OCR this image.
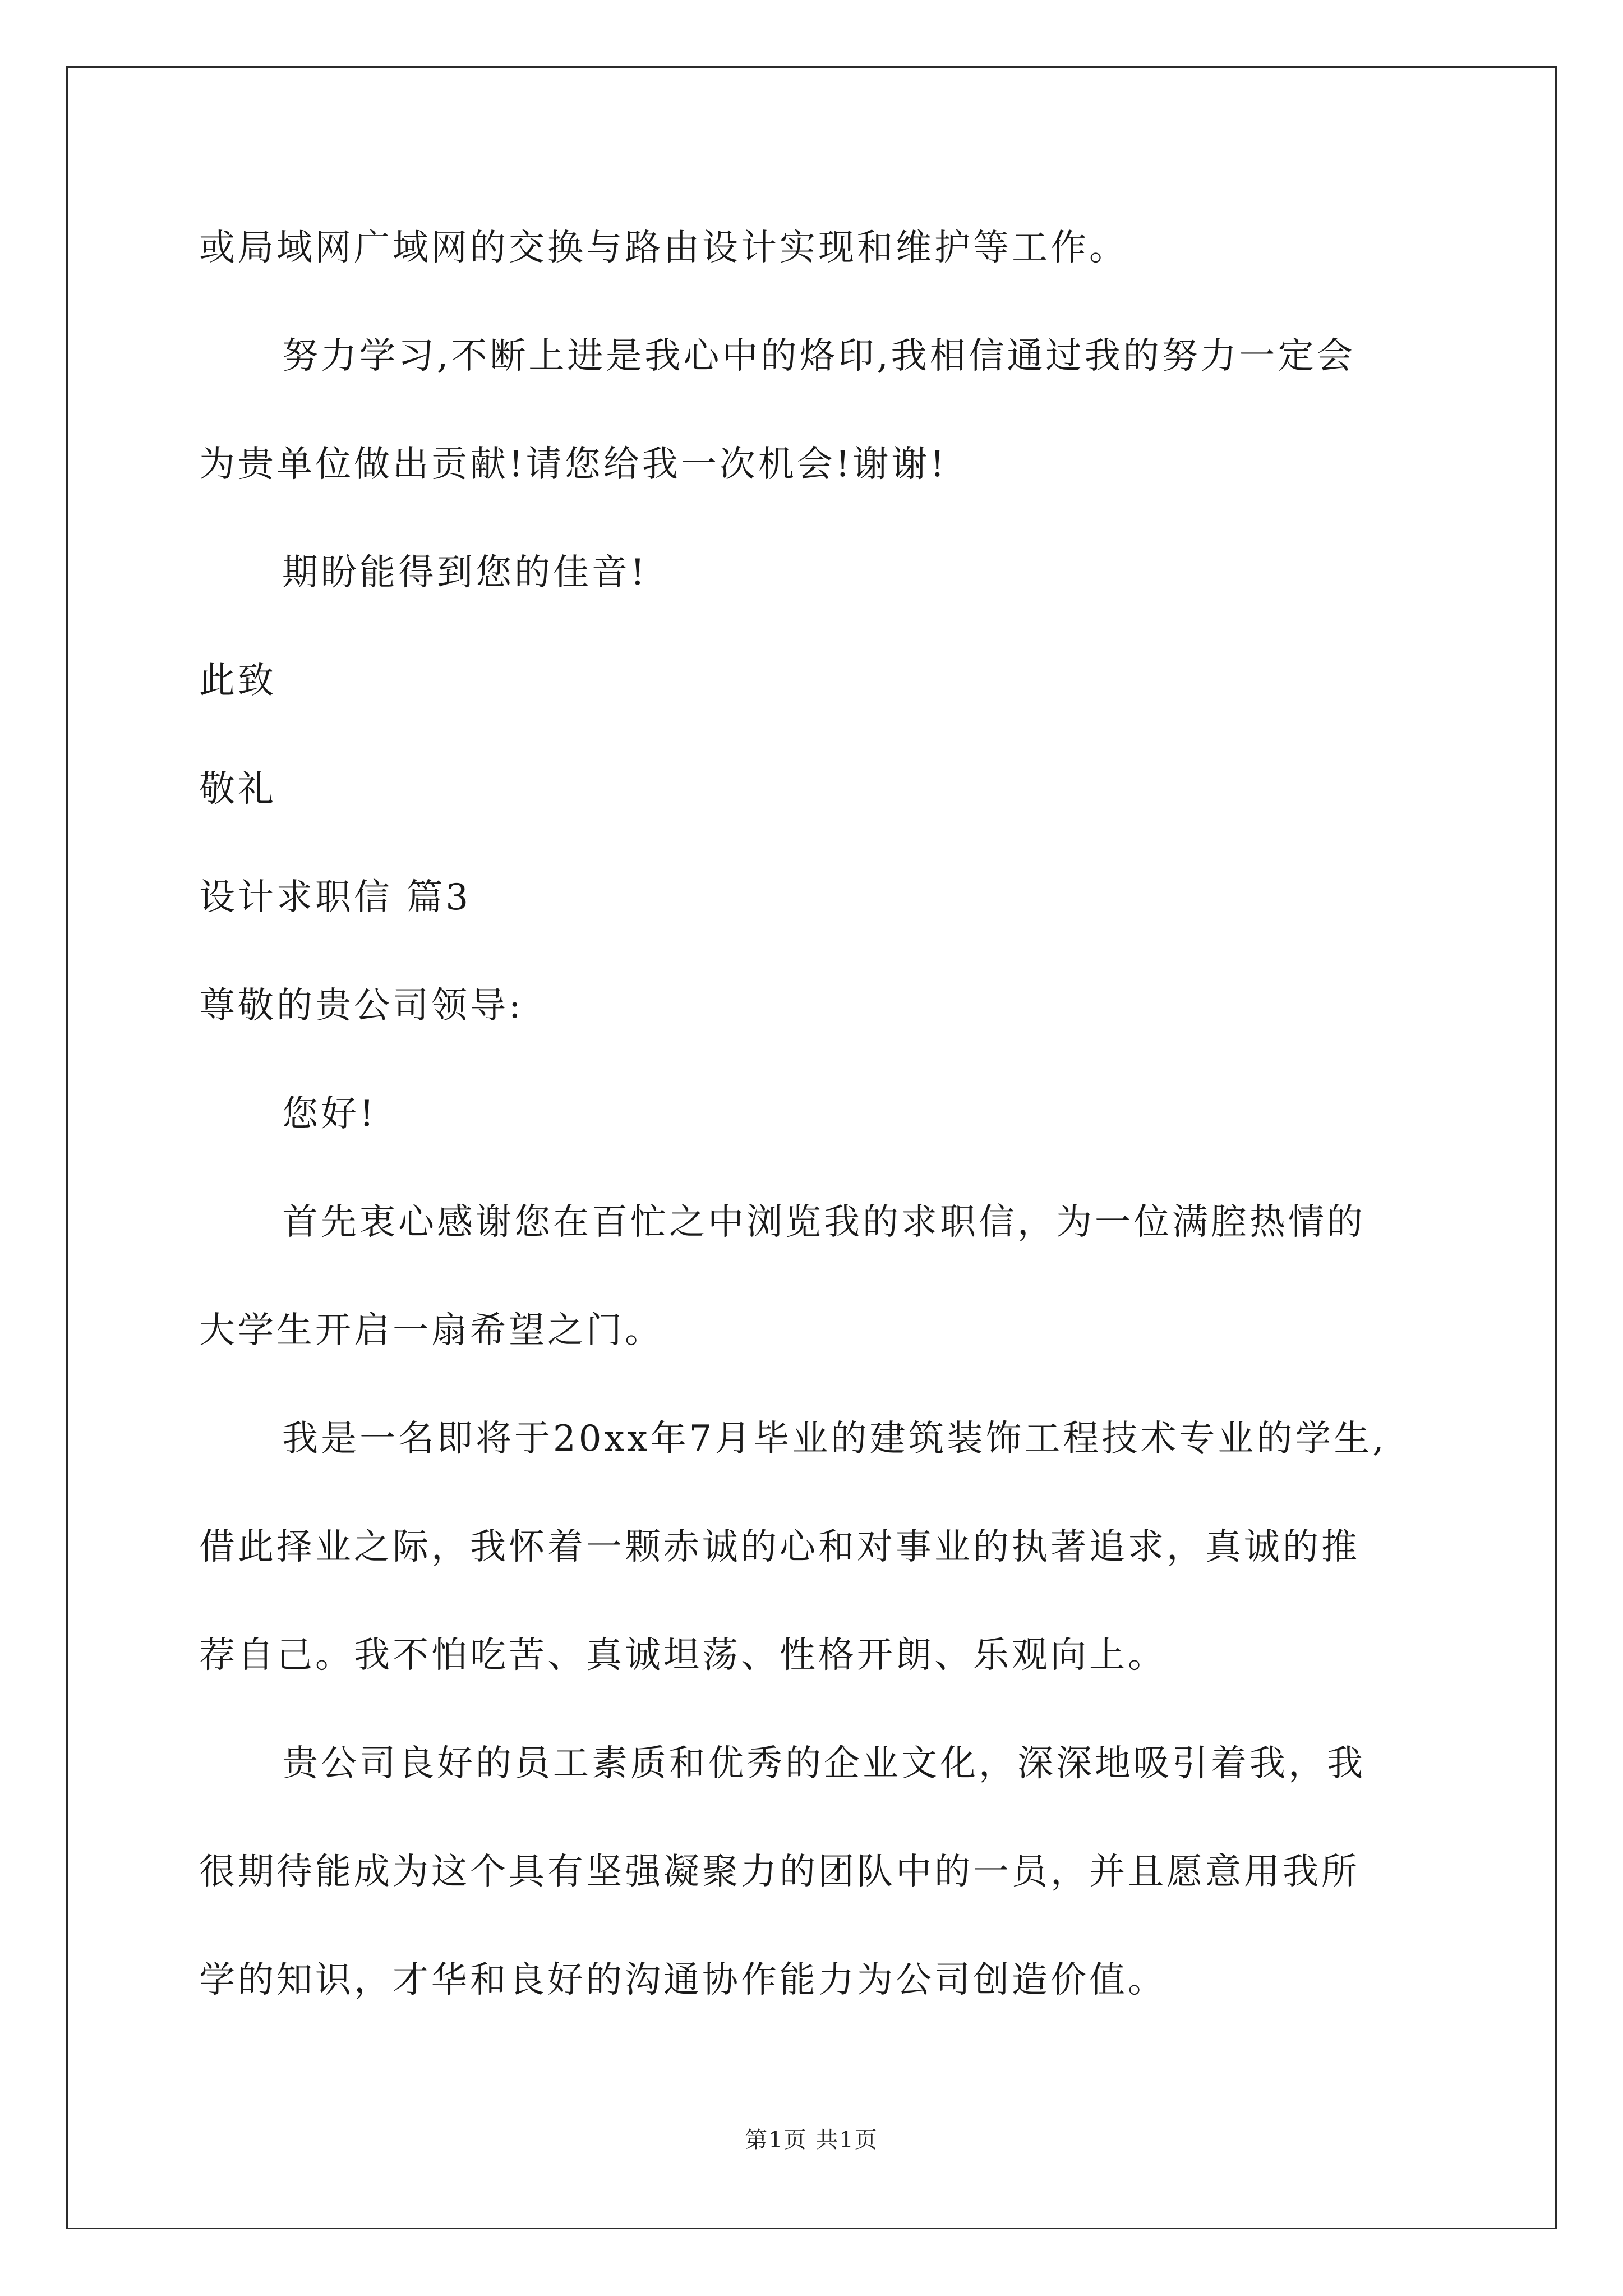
或局域网广域网的交换与路由设计实现和维护等工作。
努力学习,不断上进是我心中的烙印,我相信通过我的努力一定会
为贵单位做出贡献!请您给我一次机会!谢谢!
期盼能得到您的佳音!
此致
敬礼
设计求职信 篇3
尊敬的贵公司领导:
您好!
首先衷心感谢您在百忙之中浏览我的求职信，为一位满腔热情的
大学生开启一扇希望之门。
我是一名即将于20xx年7月毕业的建筑装饰工程技术专业的学生,
借此择业之际，我怀着一颗赤诚的心和对事业的执著追求，真诚的推
荐自己。我不怕吃苦、真诚坦荡、性格开朗、乐观向上。
贵公司良好的员工素质和优秀的企业文化，深深地吸引着我，我
很期待能成为这个具有坚强凝聚力的团队中的一员，并且愿意用我所
学的知识，才华和良好的沟通协作能力为公司创造价值。
第1页 共1页
